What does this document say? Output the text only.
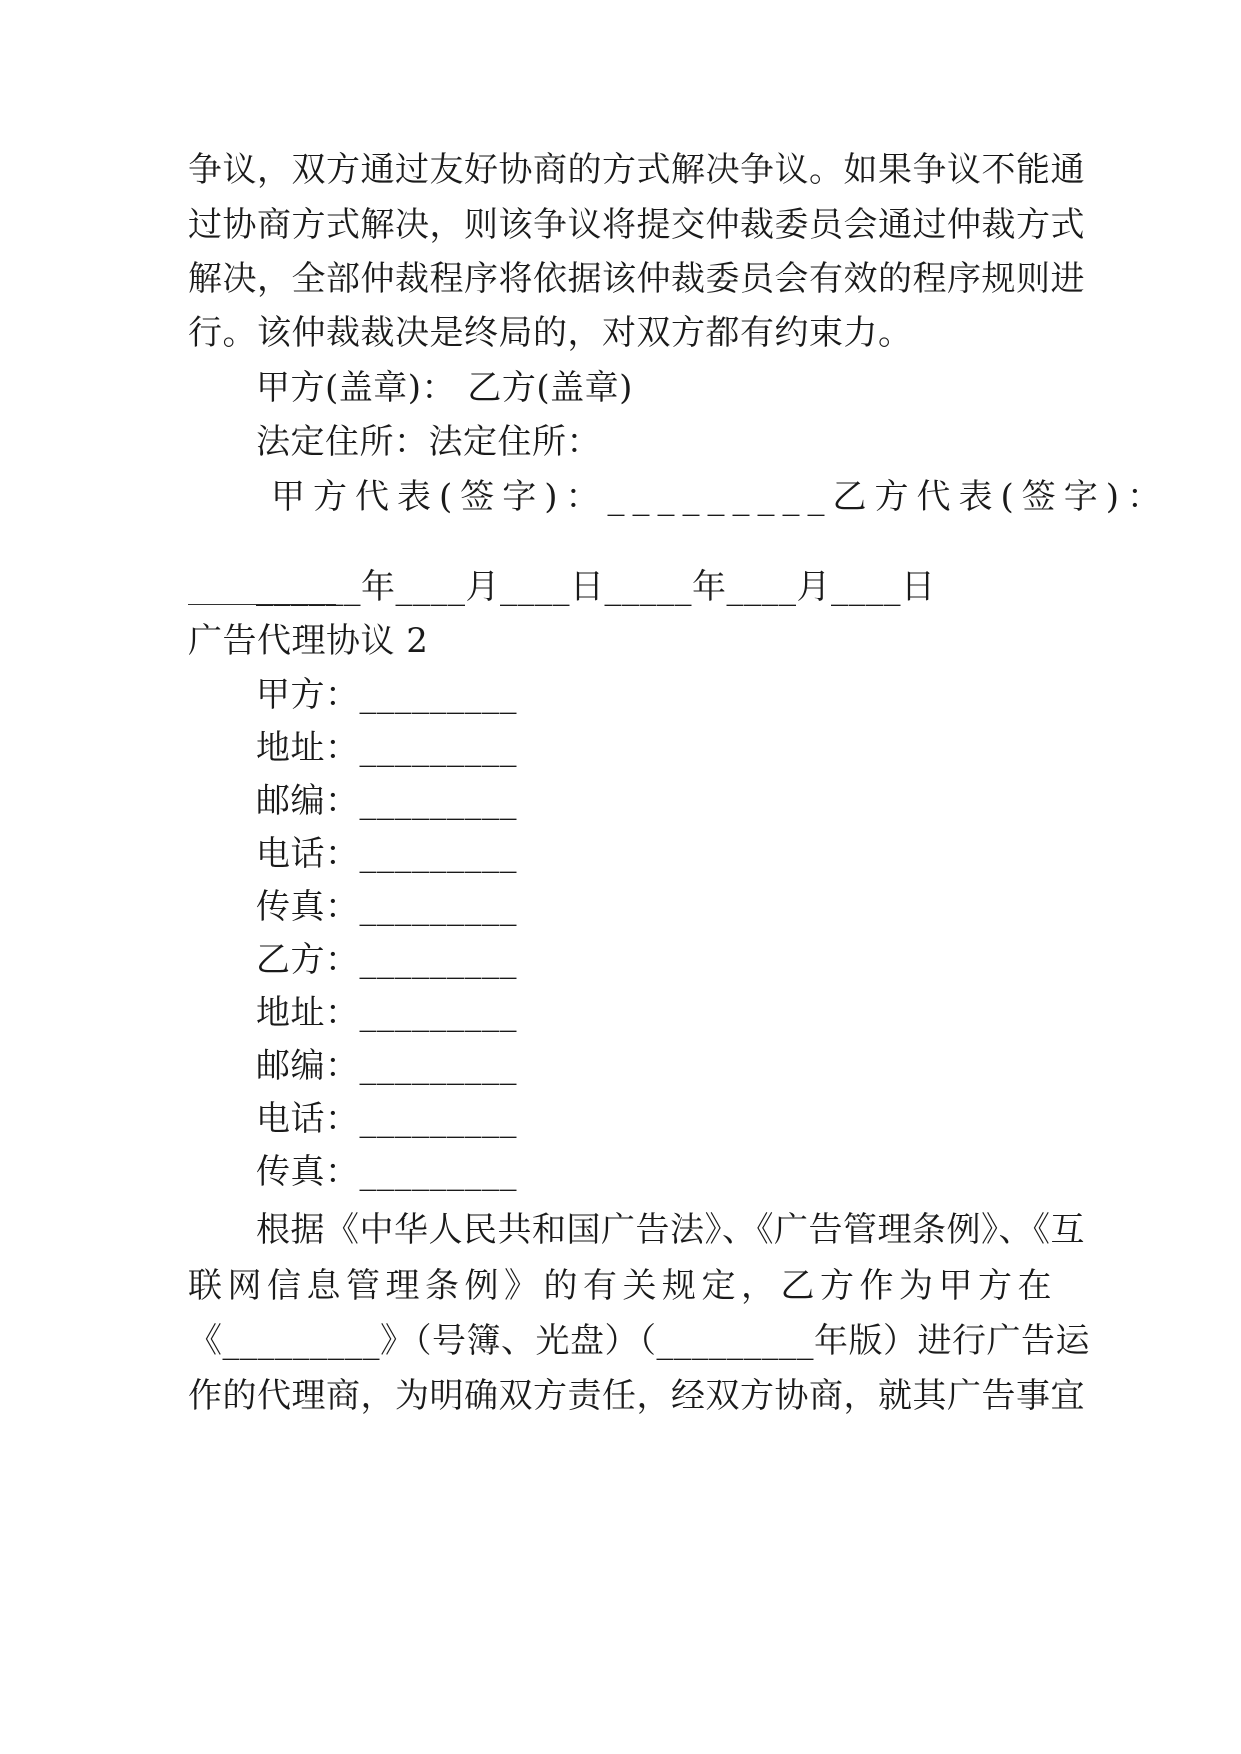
争议，双方通过友好协商的方式解决争议。如果争议不能通
过协商方式解决，则该争议将提交仲裁委员会通过仲裁方式
解决，全部仲裁程序将依据该仲裁委员会有效的程序规则进
行。该仲裁裁决是终局的，对双方都有约束力。
甲方(盖章)： 乙方(盖章)
法定住所：法定住所：
甲方代表(签字)：_________乙方代表(签字)：
______年____月____日_____年____月____日
广告代理协议 2
甲方：_________
地址：_________
邮编：_________
电话：_________
传真：_________
乙方：_________
地址：_________
邮编：_________
电话：_________
传真：_________
根据《中华人民共和国广告法》、《广告管理条例》、《互
联网信息管理条例》的有关规定，乙方作为甲方在
《_________》（号簿、光盘）（_________年版）进行广告运
作的代理商，为明确双方责任，经双方协商，就其广告事宜
